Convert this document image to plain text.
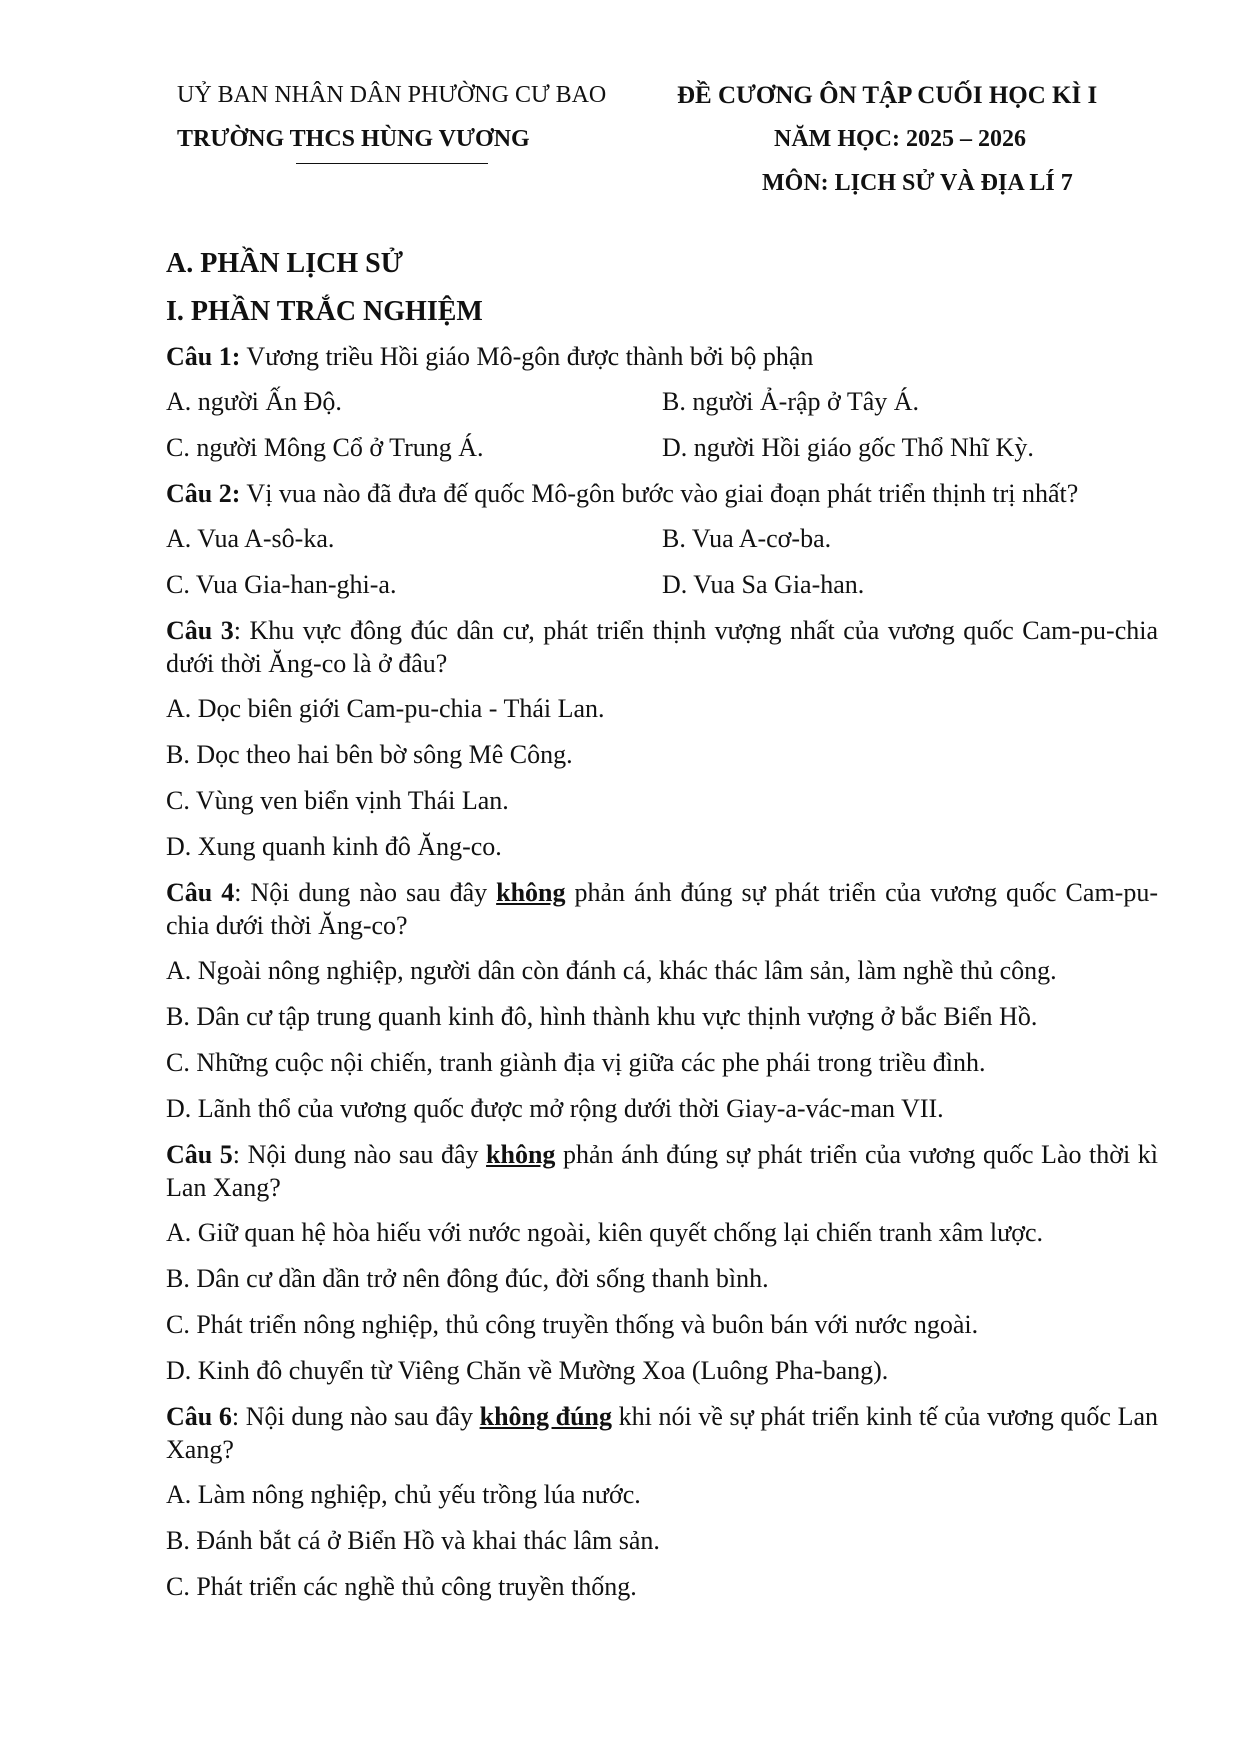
UỶ BAN NHÂN DÂN PHƯỜNG CƯ BAO
TRƯỜNG THCS HÙNG VƯƠNG
ĐỀ CƯƠNG ÔN TẬP CUỐI HỌC KÌ I
NĂM HỌC: 2025 – 2026
MÔN: LỊCH SỬ VÀ ĐỊA LÍ 7
A. PHẦN LỊCH SỬ
I. PHẦN TRẮC NGHIỆM
Câu 1: Vương triều Hồi giáo Mô-gôn được thành bởi bộ phận
A. người Ấn Độ.	B. người Ả-rập ở Tây Á.
C. người Mông Cổ ở Trung Á.	D. người Hồi giáo gốc Thổ Nhĩ Kỳ.
Câu 2: Vị vua nào đã đưa đế quốc Mô-gôn bước vào giai đoạn phát triển thịnh trị nhất?
A. Vua A-sô-ka.	B. Vua A-cơ-ba.
C. Vua Gia-han-ghi-a.	D. Vua Sa Gia-han.
Câu 3: Khu vực đông đúc dân cư, phát triển thịnh vượng nhất của vương quốc Cam-pu-chia dưới thời Ăng-co là ở đâu?
A. Dọc biên giới Cam-pu-chia - Thái Lan.
B. Dọc theo hai bên bờ sông Mê Công.
C. Vùng ven biển vịnh Thái Lan.
D. Xung quanh kinh đô Ăng-co.
Câu 4: Nội dung nào sau đây không phản ánh đúng sự phát triển của vương quốc Cam-pu-chia dưới thời Ăng-co?
A. Ngoài nông nghiệp, người dân còn đánh cá, khác thác lâm sản, làm nghề thủ công.
B. Dân cư tập trung quanh kinh đô, hình thành khu vực thịnh vượng ở bắc Biển Hồ.
C. Những cuộc nội chiến, tranh giành địa vị giữa các phe phái trong triều đình.
D. Lãnh thổ của vương quốc được mở rộng dưới thời Giay-a-vác-man VII.
Câu 5: Nội dung nào sau đây không phản ánh đúng sự phát triển của vương quốc Lào thời kì Lan Xang?
A. Giữ quan hệ hòa hiếu với nước ngoài, kiên quyết chống lại chiến tranh xâm lược.
B. Dân cư dần dần trở nên đông đúc, đời sống thanh bình.
C. Phát triển nông nghiệp, thủ công truyền thống và buôn bán với nước ngoài.
D. Kinh đô chuyển từ Viêng Chăn về Mường Xoa (Luông Pha-bang).
Câu 6: Nội dung nào sau đây không đúng khi nói về sự phát triển kinh tế của vương quốc Lan Xang?
A. Làm nông nghiệp, chủ yếu trồng lúa nước.
B. Đánh bắt cá ở Biển Hồ và khai thác lâm sản.
C. Phát triển các nghề thủ công truyền thống.
